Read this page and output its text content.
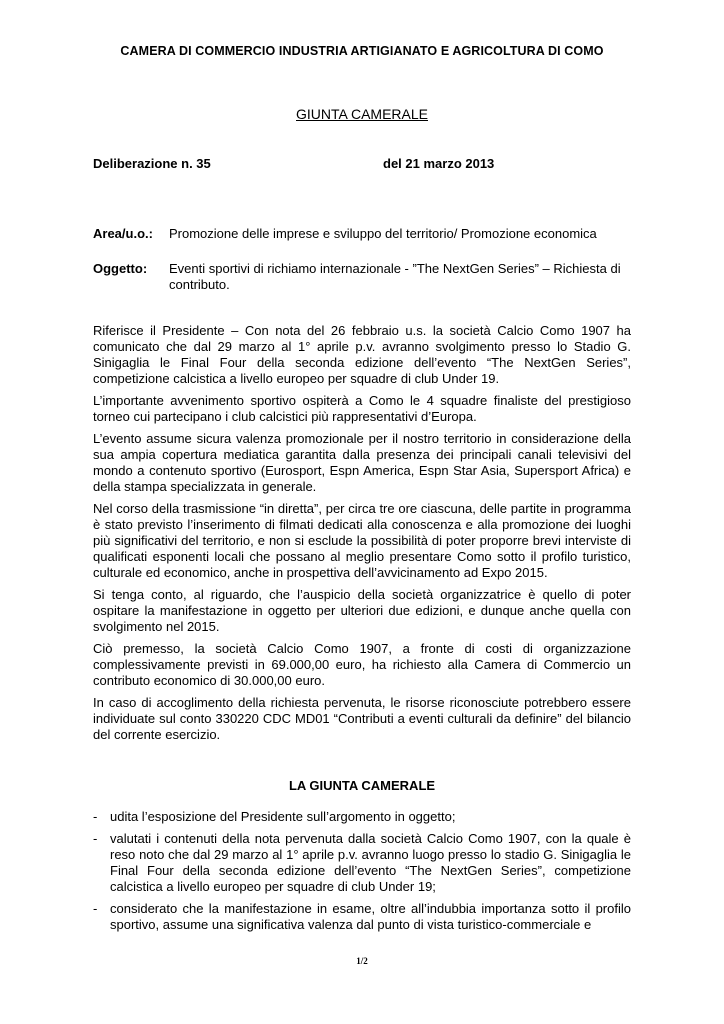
CAMERA DI COMMERCIO INDUSTRIA ARTIGIANATO E AGRICOLTURA DI COMO
GIUNTA CAMERALE
Deliberazione n. 35	del 21 marzo 2013
Area/u.o.: Promozione delle imprese e sviluppo del territorio/ Promozione economica
Oggetto: Eventi sportivi di richiamo internazionale - ”The NextGen Series” – Richiesta di contributo.

Riferisce il Presidente – Con nota del 26 febbraio u.s. la società Calcio Como 1907 ha comunicato che dal 29 marzo al 1° aprile p.v. avranno svolgimento presso lo Stadio G. Sinigaglia le Final Four della seconda edizione dell’evento “The NextGen Series”, competizione calcistica a livello europeo per squadre di club Under 19.

L’importante avvenimento sportivo ospiterà a Como le 4 squadre finaliste del prestigioso torneo cui partecipano i club calcistici più rappresentativi d’Europa.

L’evento assume sicura valenza promozionale per il nostro territorio in considerazione della sua ampia copertura mediatica garantita dalla presenza dei principali canali televisivi del mondo a contenuto sportivo (Eurosport, Espn America, Espn Star Asia, Supersport Africa) e della stampa specializzata in generale.

Nel corso della trasmissione “in diretta”, per circa tre ore ciascuna, delle partite in programma è stato previsto l’inserimento di filmati dedicati alla conoscenza e alla promozione dei luoghi più significativi del territorio, e non si esclude la possibilità di poter proporre brevi interviste di qualificati esponenti locali che possano al meglio presentare Como sotto il profilo turistico, culturale ed economico, anche in prospettiva dell’avvicinamento ad Expo 2015.

Si tenga conto, al riguardo, che l’auspicio della società organizzatrice è quello di poter ospitare la manifestazione in oggetto per ulteriori due edizioni, e dunque anche quella con svolgimento nel 2015.

Ciò premesso, la società Calcio Como 1907, a fronte di costi di organizzazione complessivamente previsti in 69.000,00 euro, ha richiesto alla Camera di Commercio un contributo economico di 30.000,00 euro.

In caso di accoglimento della richiesta pervenuta, le risorse riconosciute potrebbero essere individuate sul conto 330220 CDC MD01 “Contributi a eventi culturali da definire” del bilancio del corrente esercizio.

LA GIUNTA CAMERALE
- udita l’esposizione del Presidente sull’argomento in oggetto;
- valutati i contenuti della nota pervenuta dalla società Calcio Como 1907, con la quale è reso noto che dal 29 marzo al 1° aprile p.v. avranno luogo presso lo stadio G. Sinigaglia le Final Four della seconda edizione dell’evento “The NextGen Series”, competizione calcistica a livello europeo per squadre di club Under 19;
- considerato che la manifestazione in esame, oltre all’indubbia importanza sotto il profilo sportivo, assume una significativa valenza dal punto di vista turistico-commerciale e
1/2
